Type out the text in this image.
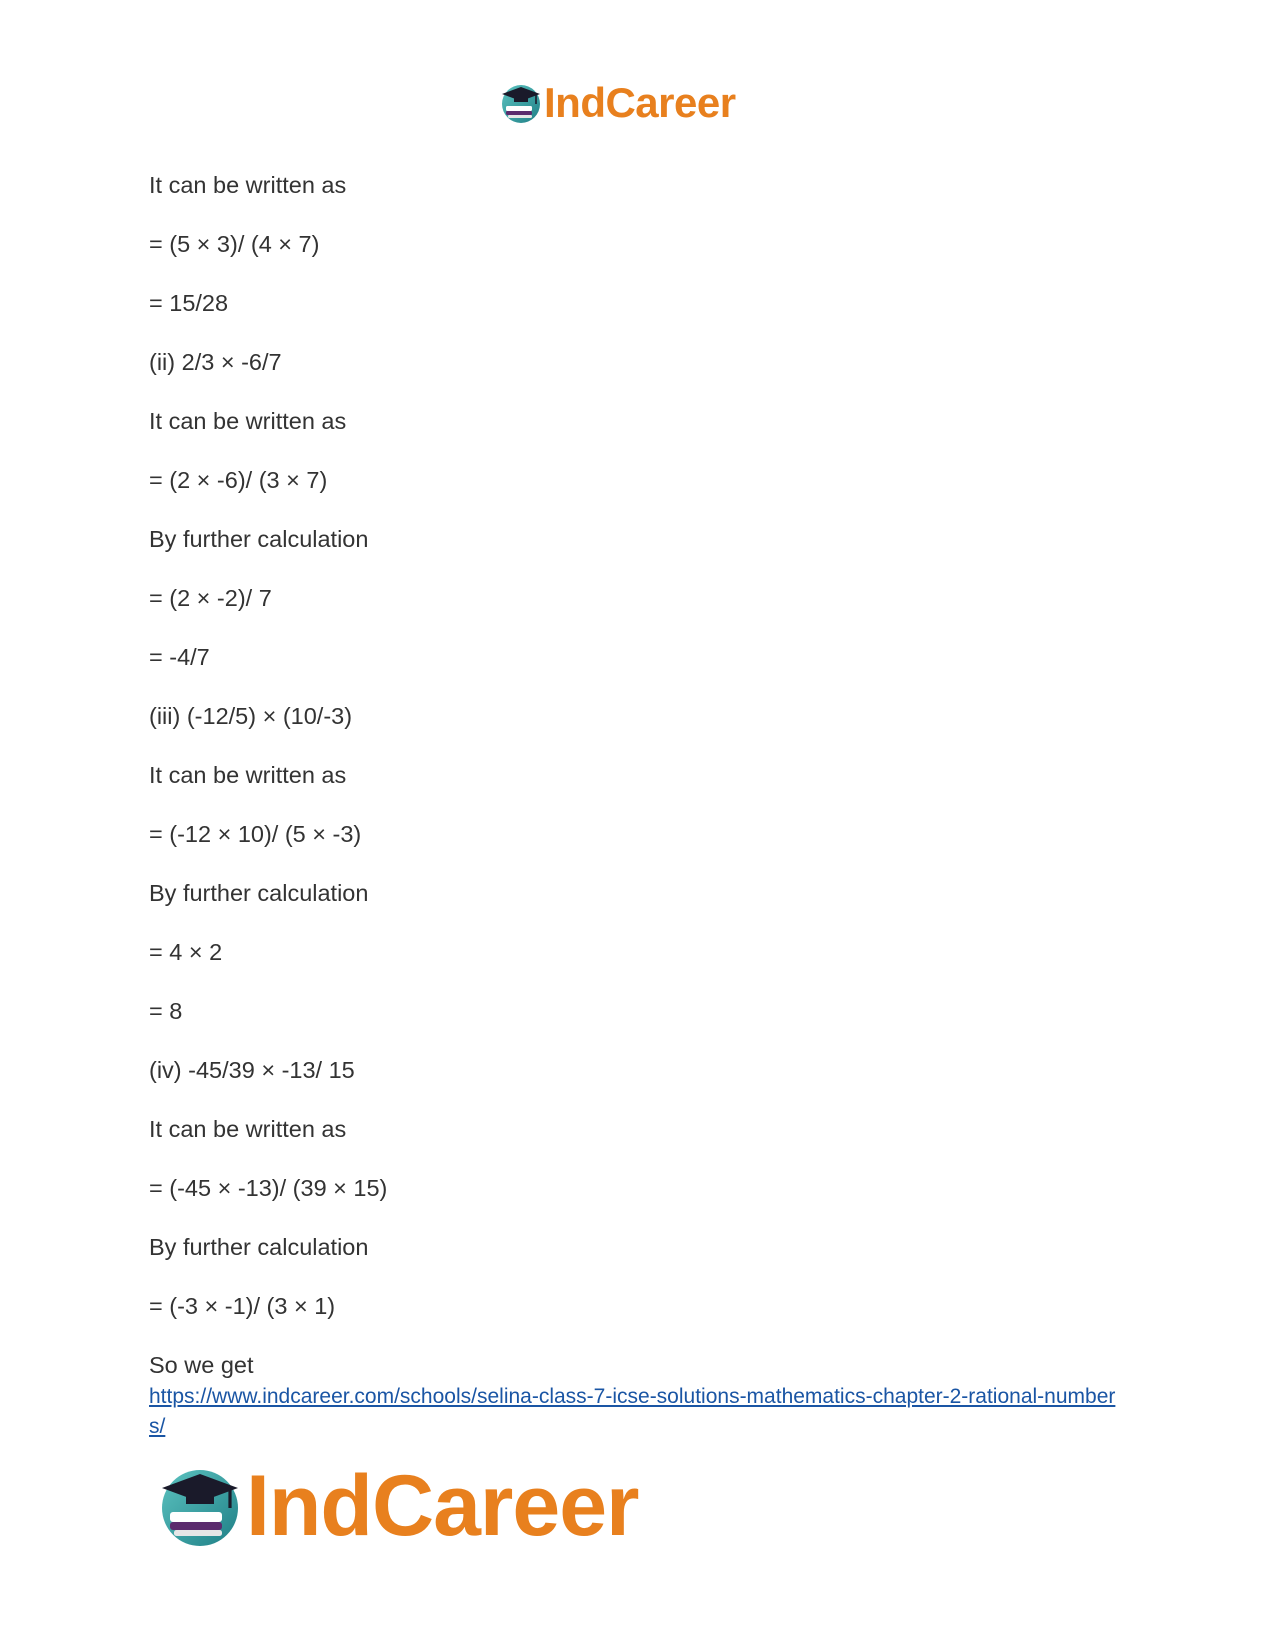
IndCareer
It can be written as
= (5 × 3)/ (4 × 7)
= 15/28
(ii) 2/3 × -6/7
It can be written as
= (2 × -6)/ (3 × 7)
By further calculation
= (2 × -2)/ 7
= -4/7
(iii) (-12/5) × (10/-3)
It can be written as
= (-12 × 10)/ (5 × -3)
By further calculation
= 4 × 2
= 8
(iv) -45/39 × -13/ 15
It can be written as
= (-45 × -13)/ (39 × 15)
By further calculation
= (-3 × -1)/ (3 × 1)
So we get
https://www.indcareer.com/schools/selina-class-7-icse-solutions-mathematics-chapter-2-rational-numbers/
IndCareer
